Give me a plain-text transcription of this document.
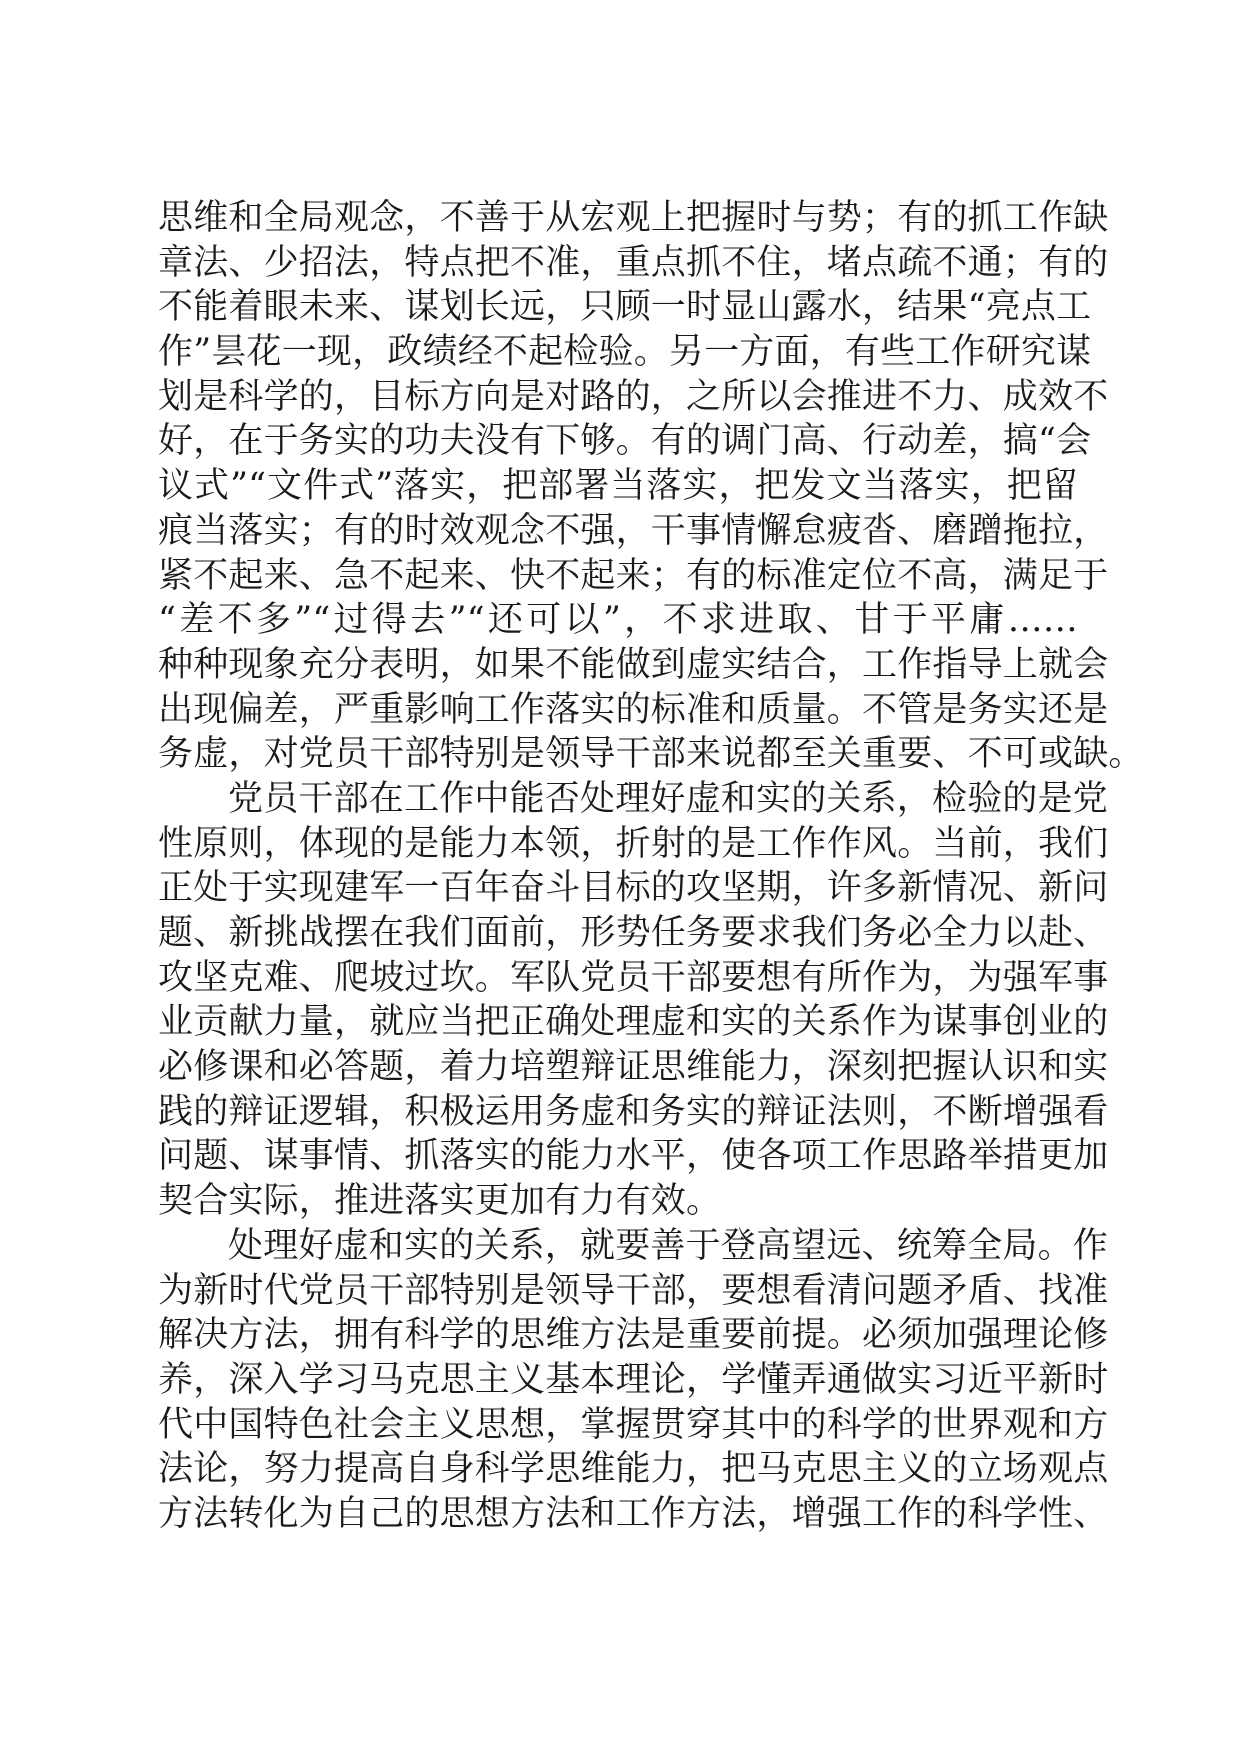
思维和全局观念，不善于从宏观上把握时与势；有的抓工作缺
章法、少招法，特点把不准，重点抓不住，堵点疏不通；有的
不能着眼未来、谋划长远，只顾一时显山露水，结果“亮点工
作”昙花一现，政绩经不起检验。另一方面，有些工作研究谋
划是科学的，目标方向是对路的，之所以会推进不力、成效不
好，在于务实的功夫没有下够。有的调门高、行动差，搞“会
议式”“文件式”落实，把部署当落实，把发文当落实，把留
痕当落实；有的时效观念不强，干事情懈怠疲沓、磨蹭拖拉，
紧不起来、急不起来、快不起来；有的标准定位不高，满足于
“差不多”“过得去”“还可以”，不求进取、甘于平庸……
种种现象充分表明，如果不能做到虚实结合，工作指导上就会
出现偏差，严重影响工作落实的标准和质量。不管是务实还是
务虚，对党员干部特别是领导干部来说都至关重要、不可或缺。
党员干部在工作中能否处理好虚和实的关系，检验的是党
性原则，体现的是能力本领，折射的是工作作风。当前，我们
正处于实现建军一百年奋斗目标的攻坚期，许多新情况、新问
题、新挑战摆在我们面前，形势任务要求我们务必全力以赴、
攻坚克难、爬坡过坎。军队党员干部要想有所作为，为强军事
业贡献力量，就应当把正确处理虚和实的关系作为谋事创业的
必修课和必答题，着力培塑辩证思维能力，深刻把握认识和实
践的辩证逻辑，积极运用务虚和务实的辩证法则，不断增强看
问题、谋事情、抓落实的能力水平，使各项工作思路举措更加
契合实际，推进落实更加有力有效。
处理好虚和实的关系，就要善于登高望远、统筹全局。作
为新时代党员干部特别是领导干部，要想看清问题矛盾、找准
解决方法，拥有科学的思维方法是重要前提。必须加强理论修
养，深入学习马克思主义基本理论，学懂弄通做实习近平新时
代中国特色社会主义思想，掌握贯穿其中的科学的世界观和方
法论，努力提高自身科学思维能力，把马克思主义的立场观点
方法转化为自己的思想方法和工作方法，增强工作的科学性、
